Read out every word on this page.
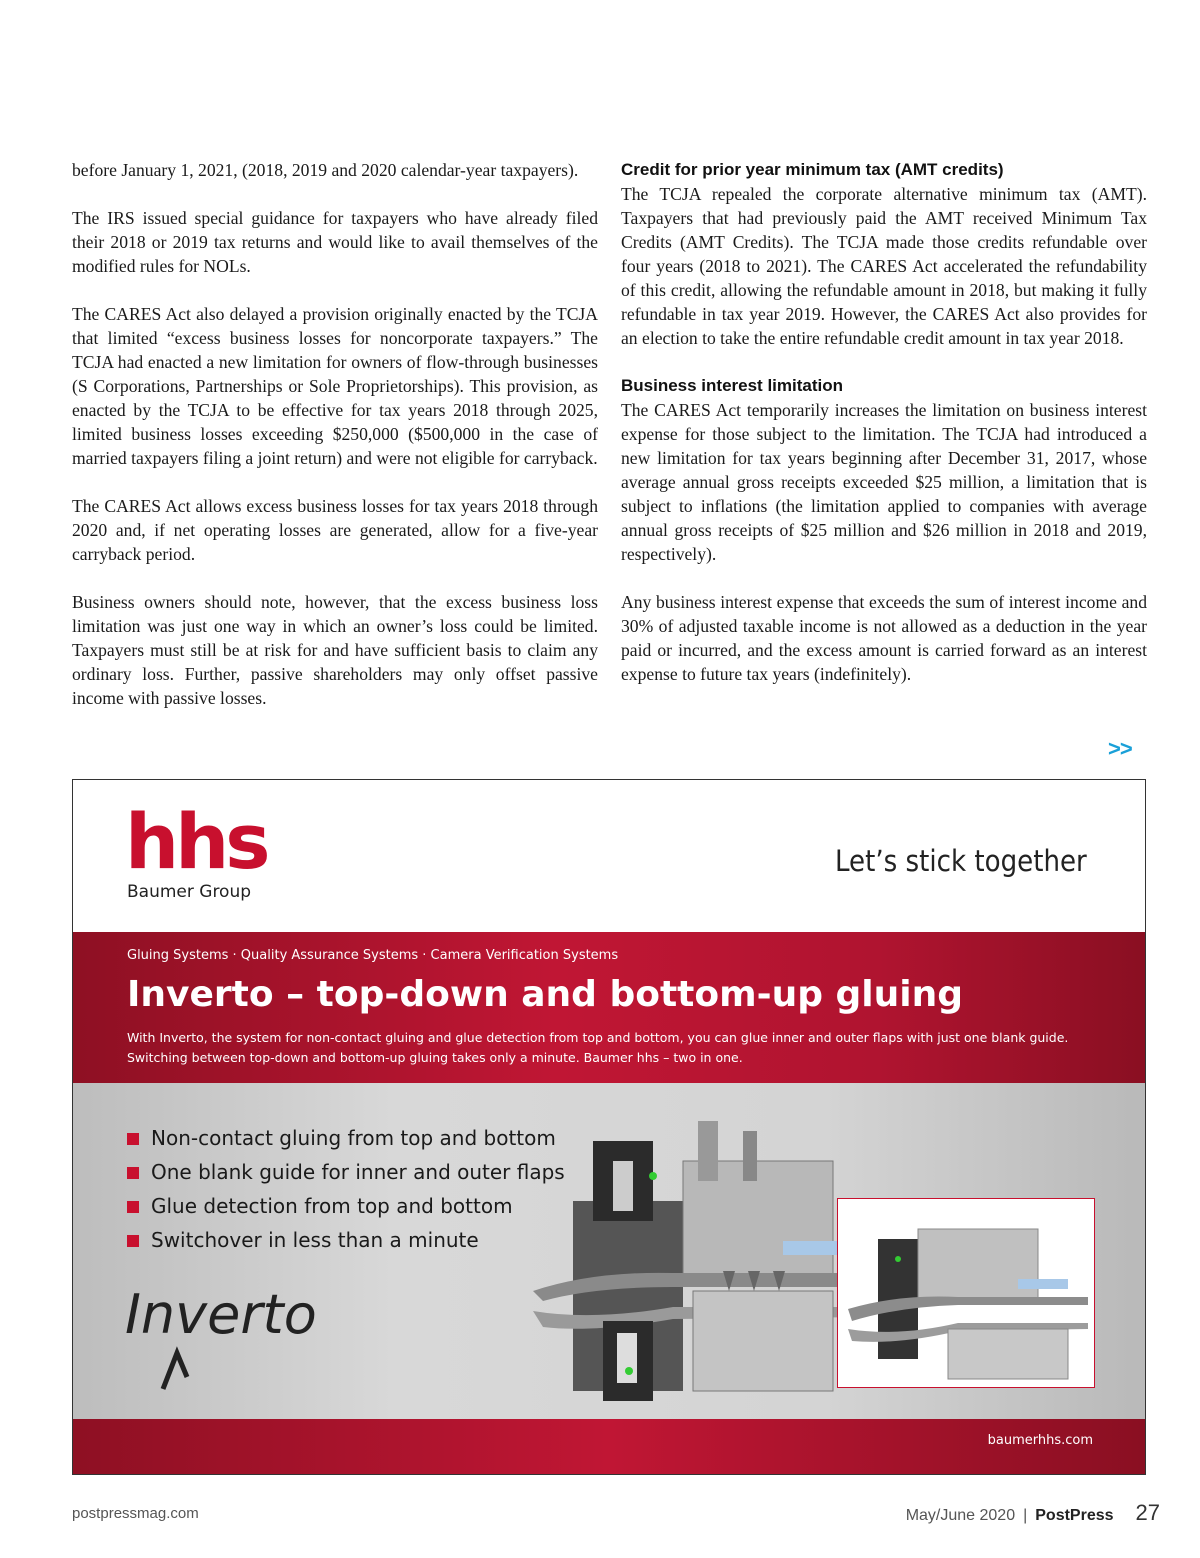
before January 1, 2021, (2018, 2019 and 2020 calendar-year taxpayers).

The IRS issued special guidance for taxpayers who have already filed their 2018 or 2019 tax returns and would like to avail themselves of the modified rules for NOLs.

The CARES Act also delayed a provision originally enacted by the TCJA that limited “excess business losses for noncorporate taxpayers.” The TCJA had enacted a new limitation for owners of flow-through businesses (S Corporations, Partnerships or Sole Proprietorships). This provision, as enacted by the TCJA to be effective for tax years 2018 through 2025, limited business losses exceeding $250,000 ($500,000 in the case of married taxpayers filing a joint return) and were not eligible for carryback.

The CARES Act allows excess business losses for tax years 2018 through 2020 and, if net operating losses are generated, allow for a five-year carryback period.

Business owners should note, however, that the excess business loss limitation was just one way in which an owner’s loss could be limited. Taxpayers must still be at risk for and have sufficient basis to claim any ordinary loss. Further, passive shareholders may only offset passive income with passive losses.

Credit for prior year minimum tax (AMT credits)

The TCJA repealed the corporate alternative minimum tax (AMT). Taxpayers that had previously paid the AMT received Minimum Tax Credits (AMT Credits). The TCJA made those credits refundable over four years (2018 to 2021). The CARES Act accelerated the refundability of this credit, allowing the refundable amount in 2018, but making it fully refundable in tax year 2019. However, the CARES Act also provides for an election to take the entire refundable credit amount in tax year 2018.

Business interest limitation

The CARES Act temporarily increases the limitation on business interest expense for those subject to the limitation. The TCJA had introduced a new limitation for tax years beginning after December 31, 2017, whose average annual gross receipts exceeded $25 million, a limitation that is subject to inflations (the limitation applied to companies with average annual gross receipts of $25 million and $26 million in 2018 and 2019, respectively).

Any business interest expense that exceeds the sum of interest income and 30% of adjusted taxable income is not allowed as a deduction in the year paid or incurred, and the excess amount is carried forward as an interest expense to future tax years (indefinitely).

>>
hhs
Baumer Group
Let’s stick together
Gluing Systems · Quality Assurance Systems · Camera Verification Systems
Inverto – top-down and bottom-up gluing
With Inverto, the system for non-contact gluing and glue detection from top and bottom, you can glue inner and outer flaps with just one blank guide.
Switching between top-down and bottom-up gluing takes only a minute. Baumer hhs – two in one.
Non-contact gluing from top and bottom
One blank guide for inner and outer flaps
Glue detection from top and bottom
Switchover in less than a minute
Inverto
baumerhhs.com
postpressmag.com	May/June 2020 | PostPress 27
